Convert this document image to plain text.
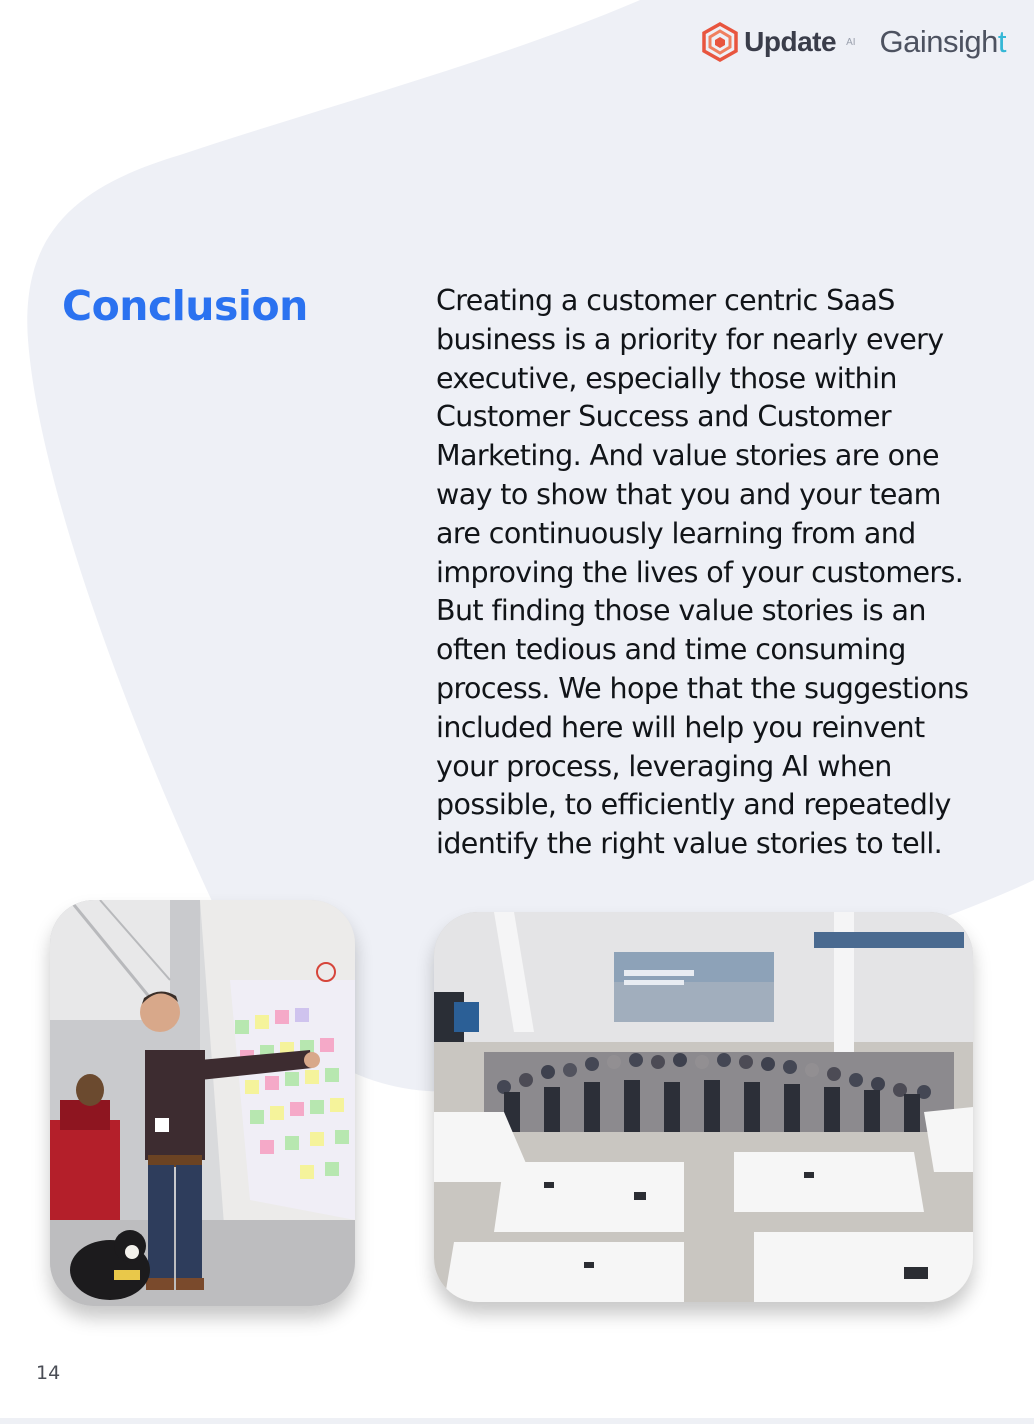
Update AI Gainsight
Conclusion	Creating a customer centric SaaS
business is a priority for nearly every
executive, especially those within
Customer Success and Customer
Marketing. And value stories are one
way to show that you and your team
are continuously learning from and
improving the lives of your customers.
But finding those value stories is an
often tedious and time consuming
process. We hope that the suggestions
included here will help you reinvent
your process, leveraging AI when
possible, to efficiently and repeatedly
identify the right value stories to tell.
14
